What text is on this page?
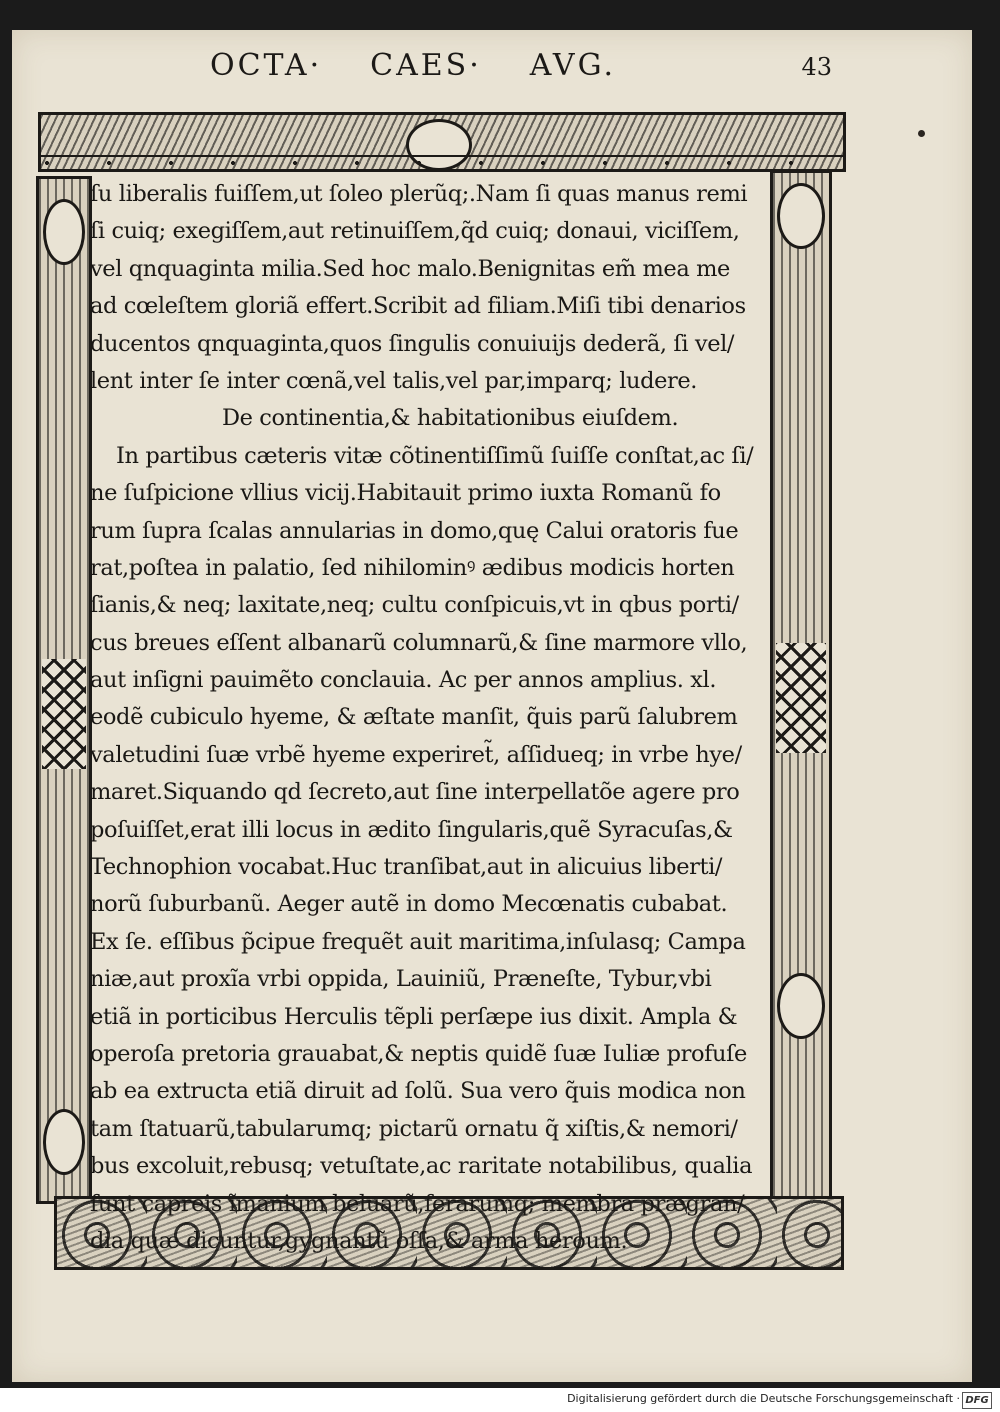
OCTA· CAES· AVG.	43
ſu liberalis fuiſſem,ut ſoleo plerũq;.Nam ſi quas manus remi
ſi cuiq; exegiſſem,aut retinuiſſem,q̃d cuiq; donaui, viciſſem,
vel qnquaginta milia.Sed hoc malo.Benignitas em̃ mea me
ad cœleſtem gloriã effert.Scribit ad filiam.Miſi tibi denarios
ducentos qnquaginta,quos ſingulis conuiuijs dederã, ſi vel/
lent inter ſe inter cœnã,vel talis,vel par,imparq; ludere.
De continentia,& habitationibus eiuſdem.
In partibus cæteris vitæ cõtinentiſſimũ ſuiſſe conſtat,ac ſi/
ne ſuſpicione vllius vicij.Habitauit primo iuxta Romanũ fo
rum ſupra ſcalas annularias in domo,quę Calui oratoris fue
rat,poſtea in palatio, ſed nihilominꝰ ædibus modicis horten
ſianis,& neq; laxitate,neq; cultu conſpicuis,vt in qbus porti/
cus breues eſſent albanarũ columnarũ,& ſine marmore vllo,
aut inſigni pauimẽto conclauia. Ac per annos amplius. xl.
eodẽ cubiculo hyeme, & æſtate manſit, q̃uis parũ ſalubrem
valetudini ſuæ vrbẽ hyeme experiret̃, aſſidueq; in vrbe hye/
maret.Siquando qd ſecreto,aut ſine interpellatõe agere pro
poſuiſſet,erat illi locus in ædito ſingularis,quẽ Syracuſas,&
Technophion vocabat.Huc tranſibat,aut in alicuius liberti/
norũ ſuburbanũ. Aeger autẽ in domo Mecœnatis cubabat.
Ex ſe. eſſibus p̃cipue frequẽt auit maritima,inſulasq; Campa
niæ,aut proxĩa vrbi oppida, Lauiniũ, Præneſte, Tybur,vbi
etiã in porticibus Herculis tẽpli perſæpe ius dixit. Ampla &
operoſa pretoria grauabat,& neptis quidẽ ſuæ Iuliæ profuſe
ab ea extructa etiã diruit ad ſolũ. Sua vero q̃uis modica non
tam ſtatuarũ,tabularumq; pictarũ ornatu q̃ xiſtis,& nemori/
bus excoluit,rebusq; vetuſtate,ac raritate notabilibus, qualia
ſunt capreis ĩmanium beluarũ,ferarumq; membra prægran/
dia,quæ dicuntur,gygnantũ oſſa,& arma heroum.
Digitalisierung gefördert durch die Deutsche Forschungsgemeinschaft · DFG
